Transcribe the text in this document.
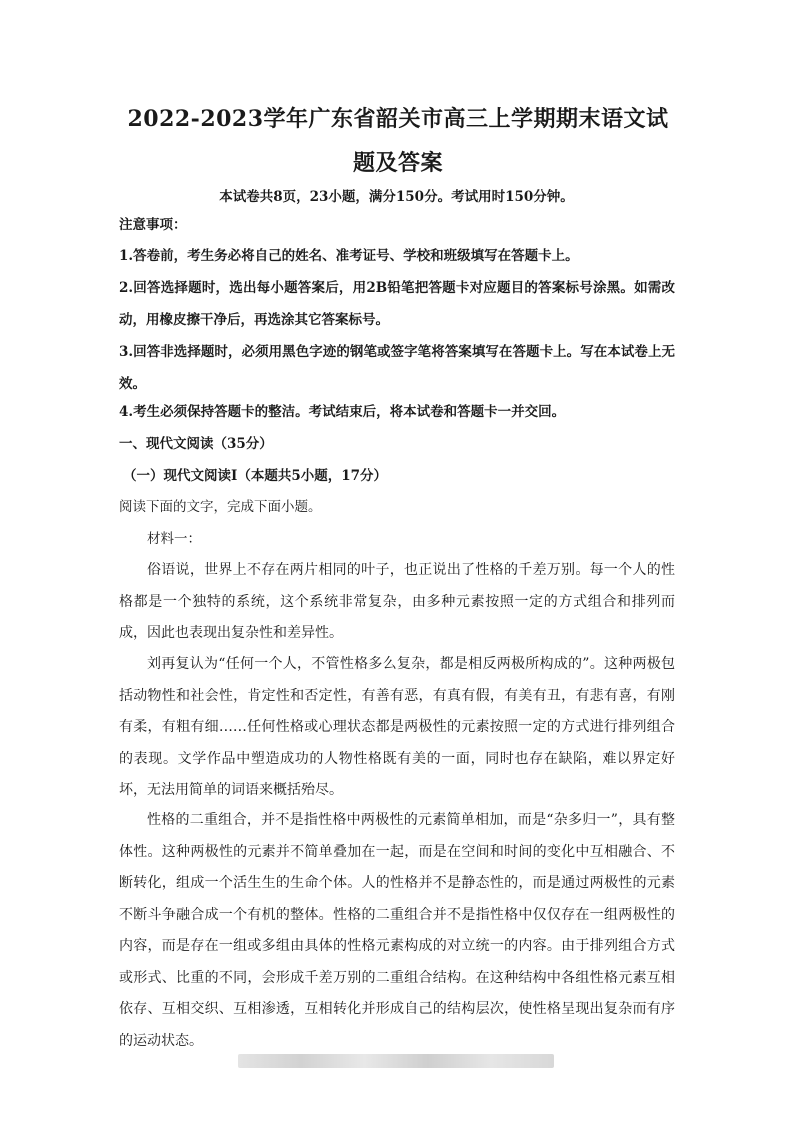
2022-2023学年广东省韶关市高三上学期期末语文试题及答案
本试卷共8页，23小题，满分150分。考试用时150分钟。
注意事项：
1.答卷前，考生务必将自己的姓名、准考证号、学校和班级填写在答题卡上。
2.回答选择题时，选出每小题答案后，用2B铅笔把答题卡对应题目的答案标号涂黑。如需改动，用橡皮擦干净后，再选涂其它答案标号。
3.回答非选择题时，必须用黑色字迹的钢笔或签字笔将答案填写在答题卡上。写在本试卷上无效。
4.考生必须保持答题卡的整洁。考试结束后，将本试卷和答题卡一并交回。
一、现代文阅读（35分）
（一）现代文阅读Ⅰ（本题共5小题，17分）
阅读下面的文字，完成下面小题。
材料一：
俗语说，世界上不存在两片相同的叶子，也正说出了性格的千差万别。每一个人的性格都是一个独特的系统，这个系统非常复杂，由多种元素按照一定的方式组合和排列而成，因此也表现出复杂性和差异性。
刘再复认为“任何一个人，不管性格多么复杂，都是相反两极所构成的”。这种两极包括动物性和社会性，肯定性和否定性，有善有恶，有真有假，有美有丑，有悲有喜，有刚有柔，有粗有细……任何性格或心理状态都是两极性的元素按照一定的方式进行排列组合的表现。文学作品中塑造成功的人物性格既有美的一面，同时也存在缺陷，难以界定好坏，无法用简单的词语来概括殆尽。
性格的二重组合，并不是指性格中两极性的元素简单相加，而是“杂多归一”，具有整体性。这种两极性的元素并不简单叠加在一起，而是在空间和时间的变化中互相融合、不断转化，组成一个活生生的生命个体。人的性格并不是静态性的，而是通过两极性的元素不断斗争融合成一个有机的整体。性格的二重组合并不是指性格中仅仅存在一组两极性的内容，而是存在一组或多组由具体的性格元素构成的对立统一的内容。由于排列组合方式或形式、比重的不同，会形成千差万别的二重组合结构。在这种结构中各组性格元素互相依存、互相交织、互相渗透，互相转化并形成自己的结构层次，使性格呈现出复杂而有序的运动状态。
